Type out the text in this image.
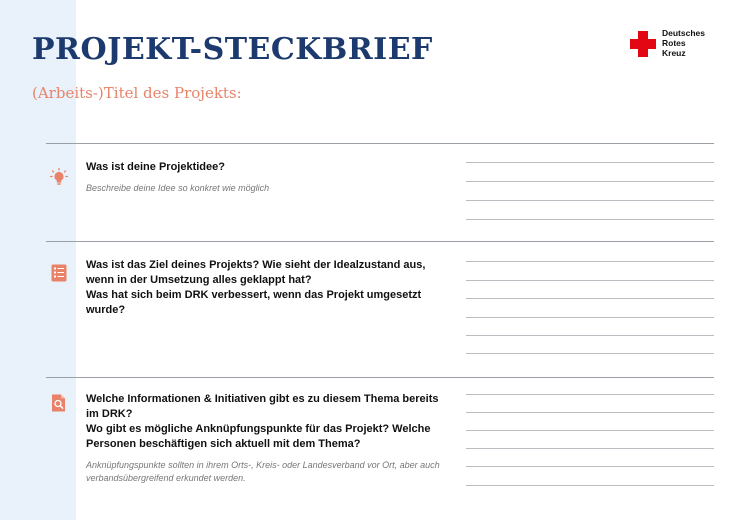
PROJEKT-STECKBRIEF
(Arbeits-)Titel des Projekts:
Deutsches
Rotes
Kreuz
Was ist deine Projektidee?
Beschreibe deine Idee so konkret wie möglich
Was ist das Ziel deines Projekts? Wie sieht der Idealzustand aus, wenn in der Umsetzung alles geklappt hat?
Was hat sich beim DRK verbessert, wenn das Projekt umgesetzt wurde?
Welche Informationen & Initiativen gibt es zu diesem Thema bereits im DRK?
Wo gibt es mögliche Anknüpfungspunkte für das Projekt? Welche Personen beschäftigen sich aktuell mit dem Thema?
Anknüpfungspunkte sollten in ihrem Orts-, Kreis- oder Landesverband vor Ort, aber auch verbandsübergreifend erkundet werden.
